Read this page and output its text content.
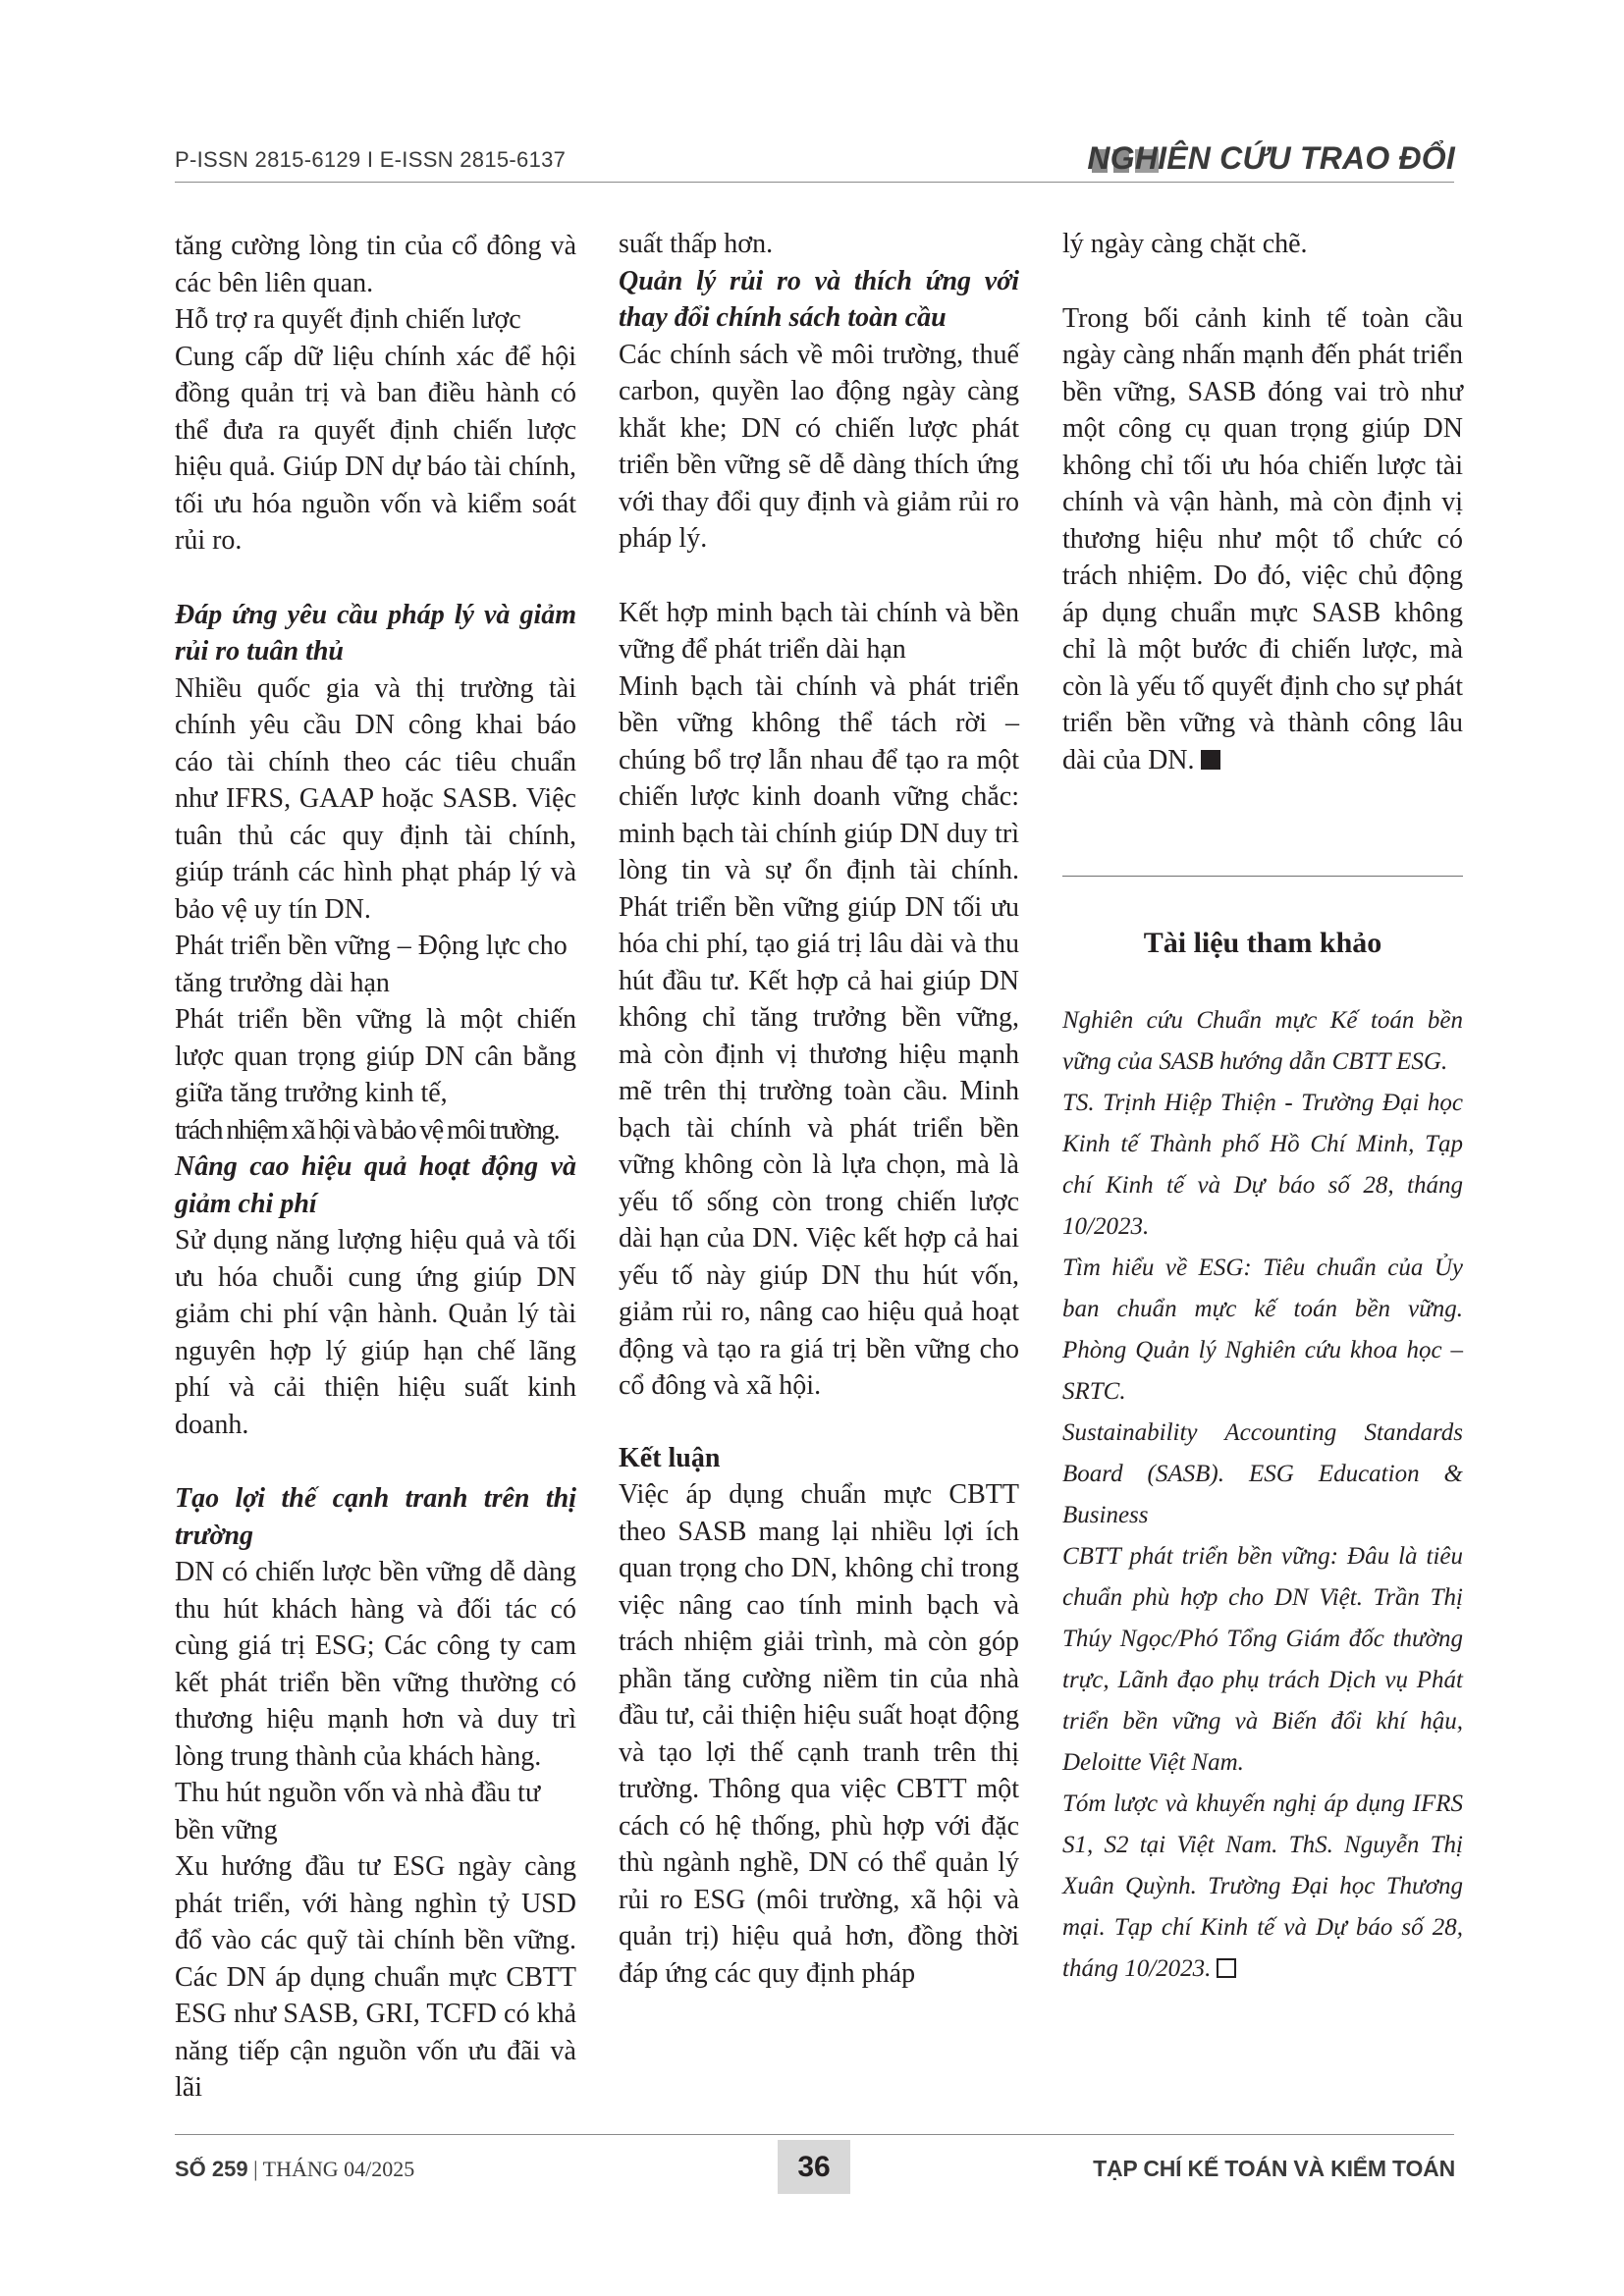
P-ISSN 2815-6129 I E-ISSN 2815-6137	NGHIÊN CỨU TRAO ĐỔI

tăng cường lòng tin của cổ đông và các bên liên quan.

Hỗ trợ ra quyết định chiến lược

Cung cấp dữ liệu chính xác để hội đồng quản trị và ban điều hành có thể đưa ra quyết định chiến lược hiệu quả. Giúp DN dự báo tài chính, tối ưu hóa nguồn vốn và kiểm soát rủi ro.

Đáp ứng yêu cầu pháp lý và giảm rủi ro tuân thủ

Nhiều quốc gia và thị trường tài chính yêu cầu DN công khai báo cáo tài chính theo các tiêu chuẩn như IFRS, GAAP hoặc SASB. Việc tuân thủ các quy định tài chính, giúp tránh các hình phạt pháp lý và bảo vệ uy tín DN.

Phát triển bền vững – Động lực cho tăng trưởng dài hạn

Phát triển bền vững là một chiến lược quan trọng giúp DN cân bằng giữa tăng trưởng kinh tế,

trách nhiệm xã hội và bảo vệ môi trường.

Nâng cao hiệu quả hoạt động và giảm chi phí

Sử dụng năng lượng hiệu quả và tối ưu hóa chuỗi cung ứng giúp DN giảm chi phí vận hành. Quản lý tài nguyên hợp lý giúp hạn chế lãng phí và cải thiện hiệu suất kinh doanh.

Tạo lợi thế cạnh tranh trên thị trường

DN có chiến lược bền vững dễ dàng thu hút khách hàng và đối tác có cùng giá trị ESG; Các công ty cam kết phát triển bền vững thường có thương hiệu mạnh hơn và duy trì lòng trung thành của khách hàng.

Thu hút nguồn vốn và nhà đầu tư bền vững

Xu hướng đầu tư ESG ngày càng phát triển, với hàng nghìn tỷ USD đổ vào các quỹ tài chính bền vững. Các DN áp dụng chuẩn mực CBTT ESG như SASB, GRI, TCFD có khả năng tiếp cận nguồn vốn ưu đãi và lãi

suất thấp hơn.

Quản lý rủi ro và thích ứng với thay đổi chính sách toàn cầu

Các chính sách về môi trường, thuế carbon, quyền lao động ngày càng khắt khe; DN có chiến lược phát triển bền vững sẽ dễ dàng thích ứng với thay đổi quy định và giảm rủi ro pháp lý.

Kết hợp minh bạch tài chính và bền vững để phát triển dài hạn

Minh bạch tài chính và phát triển bền vững không thể tách rời – chúng bổ trợ lẫn nhau để tạo ra một chiến lược kinh doanh vững chắc: minh bạch tài chính giúp DN duy trì lòng tin và sự ổn định tài chính. Phát triển bền vững giúp DN tối ưu hóa chi phí, tạo giá trị lâu dài và thu hút đầu tư. Kết hợp cả hai giúp DN không chỉ tăng trưởng bền vững, mà còn định vị thương hiệu mạnh mẽ trên thị trường toàn cầu. Minh bạch tài chính và phát triển bền vững không còn là lựa chọn, mà là yếu tố sống còn trong chiến lược dài hạn của DN. Việc kết hợp cả hai yếu tố này giúp DN thu hút vốn, giảm rủi ro, nâng cao hiệu quả hoạt động và tạo ra giá trị bền vững cho cổ đông và xã hội.

Kết luận

Việc áp dụng chuẩn mực CBTT theo SASB mang lại nhiều lợi ích quan trọng cho DN, không chỉ trong việc nâng cao tính minh bạch và trách nhiệm giải trình, mà còn góp phần tăng cường niềm tin của nhà đầu tư, cải thiện hiệu suất hoạt động và tạo lợi thế cạnh tranh trên thị trường. Thông qua việc CBTT một cách có hệ thống, phù hợp với đặc thù ngành nghề, DN có thể quản lý rủi ro ESG (môi trường, xã hội và quản trị) hiệu quả hơn, đồng thời đáp ứng các quy định pháp

lý ngày càng chặt chẽ.

Trong bối cảnh kinh tế toàn cầu ngày càng nhấn mạnh đến phát triển bền vững, SASB đóng vai trò như một công cụ quan trọng giúp DN không chỉ tối ưu hóa chiến lược tài chính và vận hành, mà còn định vị thương hiệu như một tổ chức có trách nhiệm. Do đó, việc chủ động áp dụng chuẩn mực SASB không chỉ là một bước đi chiến lược, mà còn là yếu tố quyết định cho sự phát triển bền vững và thành công lâu dài của DN.

Tài liệu tham khảo

Nghiên cứu Chuẩn mực Kế toán bền vững của SASB hướng dẫn CBTT ESG.

TS. Trịnh Hiệp Thiện - Trường Đại học Kinh tế Thành phố Hồ Chí Minh, Tạp chí Kinh tế và Dự báo số 28, tháng 10/2023.

Tìm hiểu về ESG: Tiêu chuẩn của Ủy ban chuẩn mực kế toán bền vững. Phòng Quản lý Nghiên cứu khoa học – SRTC.

Sustainability Accounting Standards Board (SASB). ESG Education & Business

CBTT phát triển bền vững: Đâu là tiêu chuẩn phù hợp cho DN Việt. Trần Thị Thúy Ngọc/Phó Tổng Giám đốc thường trực, Lãnh đạo phụ trách Dịch vụ Phát triển bền vững và Biến đổi khí hậu, Deloitte Việt Nam.

Tóm lược và khuyến nghị áp dụng IFRS S1, S2 tại Việt Nam. ThS. Nguyễn Thị Xuân Quỳnh. Trường Đại học Thương mại. Tạp chí Kinh tế và Dự báo số 28, tháng 10/2023.

SỐ 259 | THÁNG 04/2025	36	TẠP CHÍ KẾ TOÁN VÀ KIỂM TOÁN
